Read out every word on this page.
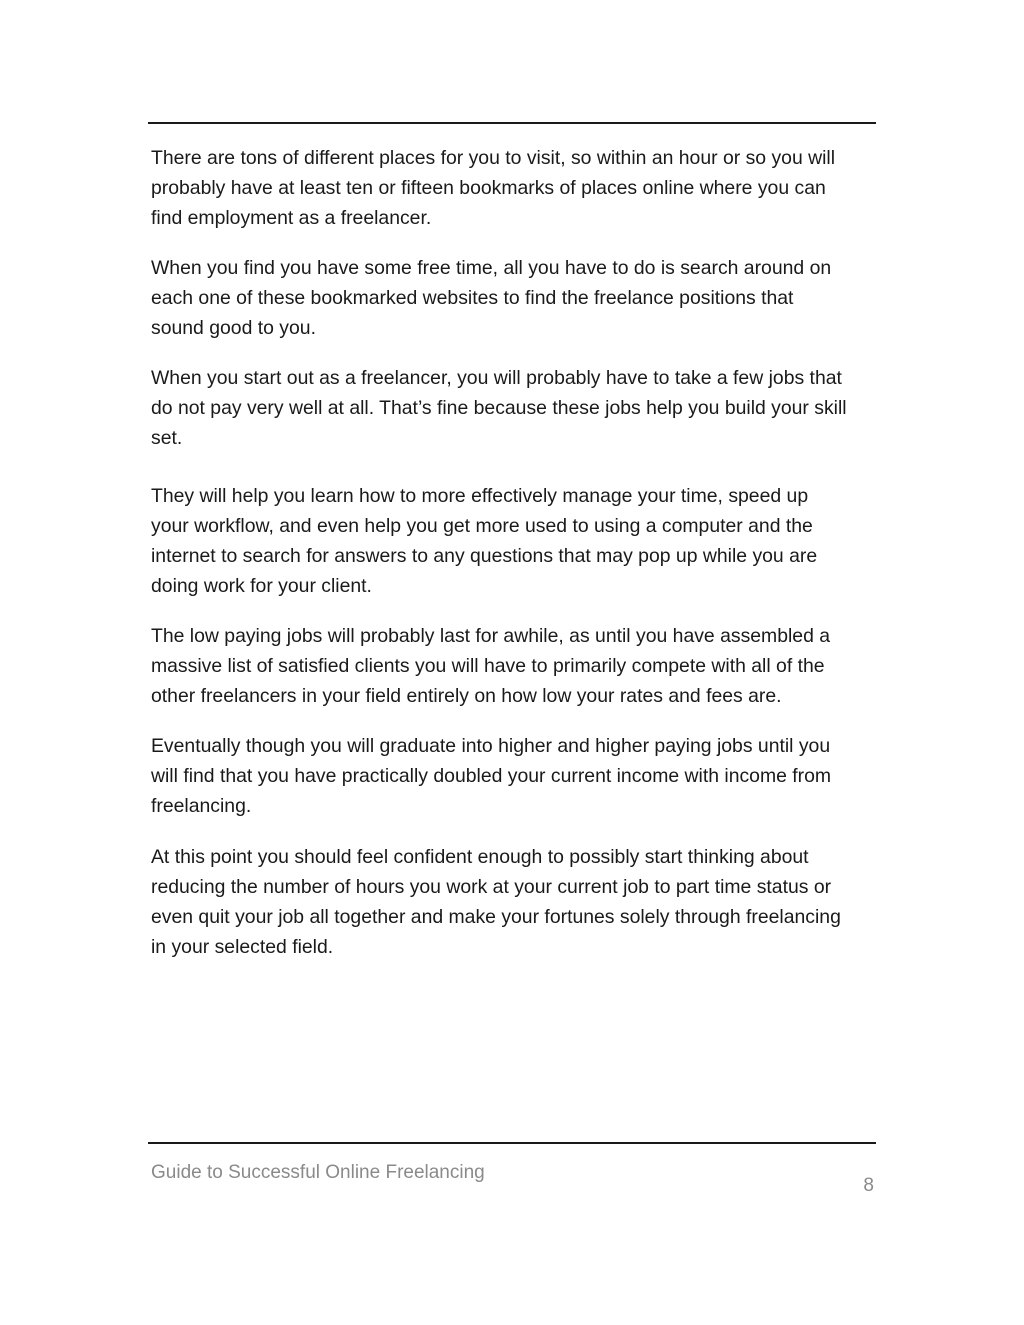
There are tons of different places for you to visit, so within an hour or so you will
probably have at least ten or fifteen bookmarks of places online where you can
find employment as a freelancer.

When you find you have some free time, all you have to do is search around on
each one of these bookmarked websites to find the freelance positions that
sound good to you.

When you start out as a freelancer, you will probably have to take a few jobs that
do not pay very well at all. That’s fine because these jobs help you build your skill
set.

They will help you learn how to more effectively manage your time, speed up
your workflow, and even help you get more used to using a computer and the
internet to search for answers to any questions that may pop up while you are
doing work for your client.

The low paying jobs will probably last for awhile, as until you have assembled a
massive list of satisfied clients you will have to primarily compete with all of the
other freelancers in your field entirely on how low your rates and fees are.

Eventually though you will graduate into higher and higher paying jobs until you
will find that you have practically doubled your current income with income from
freelancing.

At this point you should feel confident enough to possibly start thinking about
reducing the number of hours you work at your current job to part time status or
even quit your job all together and make your fortunes solely through freelancing
in your selected field.

Guide to Successful Online Freelancing
8
